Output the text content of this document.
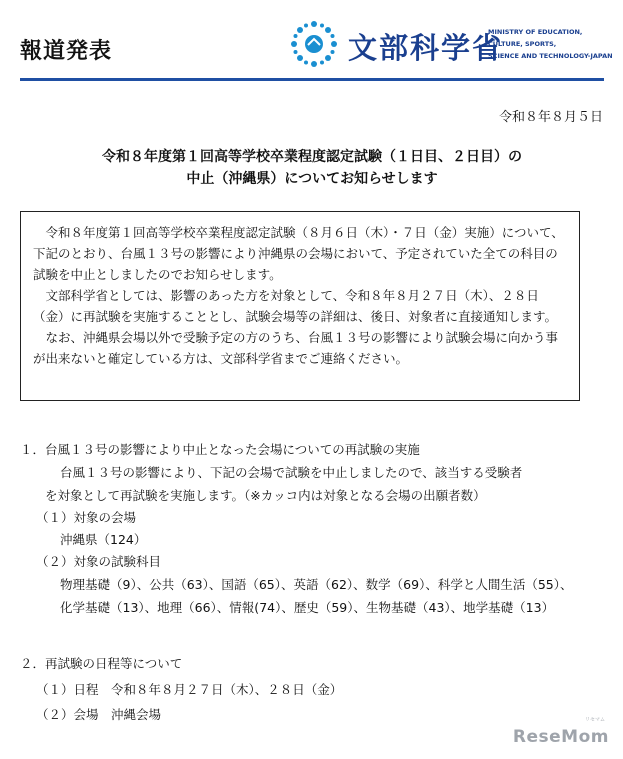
報道発表	文部科学省
MINISTRY OF EDUCATION,
CULTURE, SPORTS,
SCIENCE AND TECHNOLOGY-JAPAN
令和８年８月５日
令和８年度第１回高等学校卒業程度認定試験（１日目、２日目）の
中止（沖縄県）についてお知らせします

令和８年度第１回高等学校卒業程度認定試験（８月６日（木）・７日（金）実施）について、下記のとおり、台風１３号の影響により沖縄県の会場において、予定されていた全ての科目の試験を中止としましたのでお知らせします。

文部科学省としては、影響のあった方を対象として、令和８年８月２７日（木）、２８日（金）に再試験を実施することとし、試験会場等の詳細は、後日、対象者に直接通知します。

なお、沖縄県会場以外で受験予定の方のうち、台風１３号の影響により試験会場に向かう事が出来ないと確定している方は、文部科学省までご連絡ください。

１．台風１３号の影響により中止となった会場についての再試験の実施
台風１３号の影響により、下記の会場で試験を中止しましたので、該当する受験者
を対象として再試験を実施します。（※カッコ内は対象となる会場の出願者数）
（１）対象の会場
沖縄県（124）
（２）対象の試験科目
物理基礎（9）、公共（63）、国語（65）、英語（62）、数学（69）、科学と人間生活（55）、
化学基礎（13）、地理（66）、情報(74）、歴史（59）、生物基礎（43）、地学基礎（13）
２．再試験の日程等について
（１）日程　令和８年８月２７日（木）、２８日（金）
（２）会場　沖縄会場	リセマム
ReseMom
